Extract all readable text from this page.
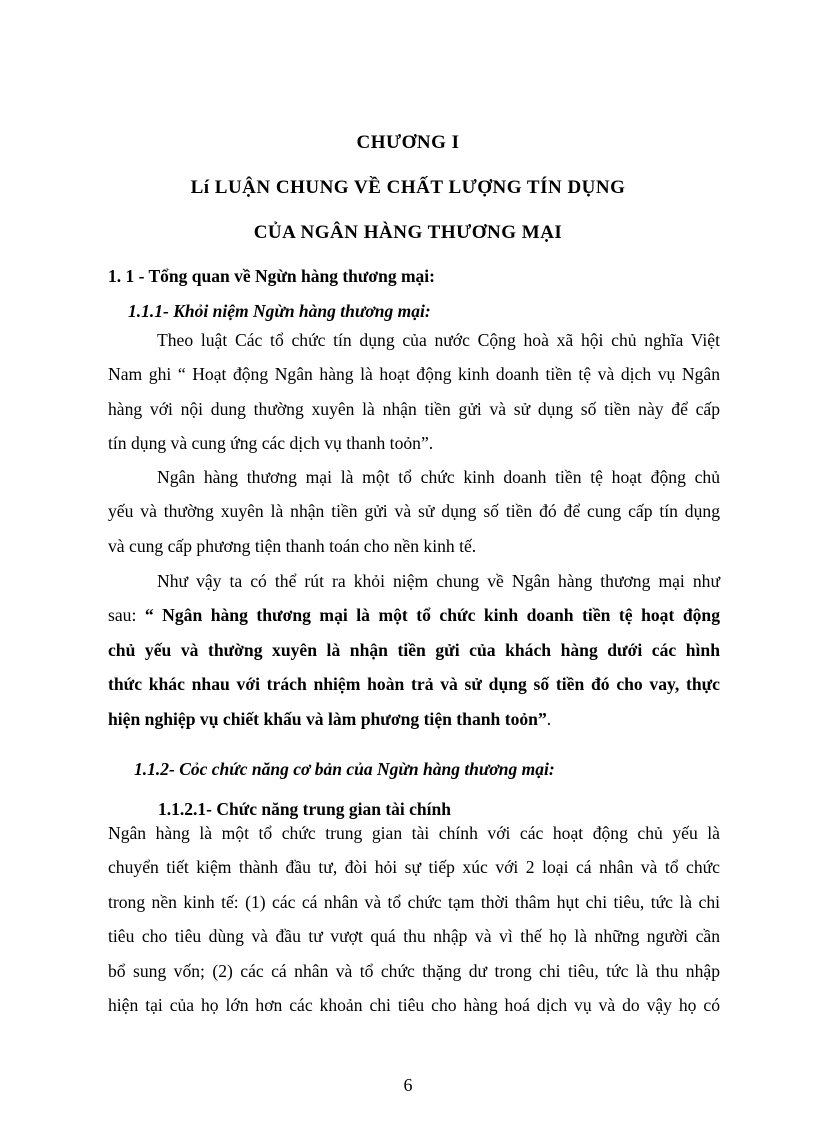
CHƯƠNG I
Lí LUẬN CHUNG VỀ CHẤT LƯỢNG TÍN DỤNG
CỦA NGÂN HÀNG THƯƠNG MẠI
1. 1 - Tổng quan về Ngừn hàng thương mại:
1.1.1- Khỏi niệm Ngừn hàng thương mại:
Theo luật Các tổ chức tín dụng của nước Cộng hoà xã hội chủ nghĩa Việt
Nam ghi “ Hoạt động Ngân hàng là hoạt động kinh doanh tiền tệ và dịch vụ Ngân
hàng với nội dung thường xuyên là nhận tiền gửi và sử dụng số tiền này để cấp
tín dụng và cung ứng các dịch vụ thanh toỏn”.
Ngân hàng thương mại là một tổ chức kinh doanh tiền tệ hoạt động chủ
yếu và thường xuyên là nhận tiền gửi và sử dụng số tiền đó để cung cấp tín dụng
và cung cấp phương tiện thanh toán cho nền kinh tế.
Như vậy ta có thể rút ra khỏi niệm chung về Ngân hàng thương mại như
sau: “ Ngân hàng thương mại là một tổ chức kinh doanh tiền tệ hoạt động
chủ yếu và thường xuyên là nhận tiền gửi của khách hàng dưới các hình
thức khác nhau với trách nhiệm hoàn trả và sử dụng số tiền đó cho vay, thực
hiện nghiệp vụ chiết khấu và làm phương tiện thanh toỏn”.
1.1.2- Cỏc chức năng cơ bản của Ngừn hàng thương mại:
1.1.2.1- Chức năng trung gian tài chính
Ngân hàng là một tổ chức trung gian tài chính với các hoạt động chủ yếu là
chuyển tiết kiệm thành đầu tư, đòi hỏi sự tiếp xúc với 2 loại cá nhân và tổ chức
trong nền kinh tế: (1) các cá nhân và tổ chức tạm thời thâm hụt chi tiêu, tức là chi
tiêu cho tiêu dùng và đầu tư vượt quá thu nhập và vì thế họ là những người cần
bổ sung vốn; (2) các cá nhân và tổ chức thặng dư trong chi tiêu, tức là thu nhập
hiện tại của họ lớn hơn các khoản chi tiêu cho hàng hoá dịch vụ và do vậy họ có
6
